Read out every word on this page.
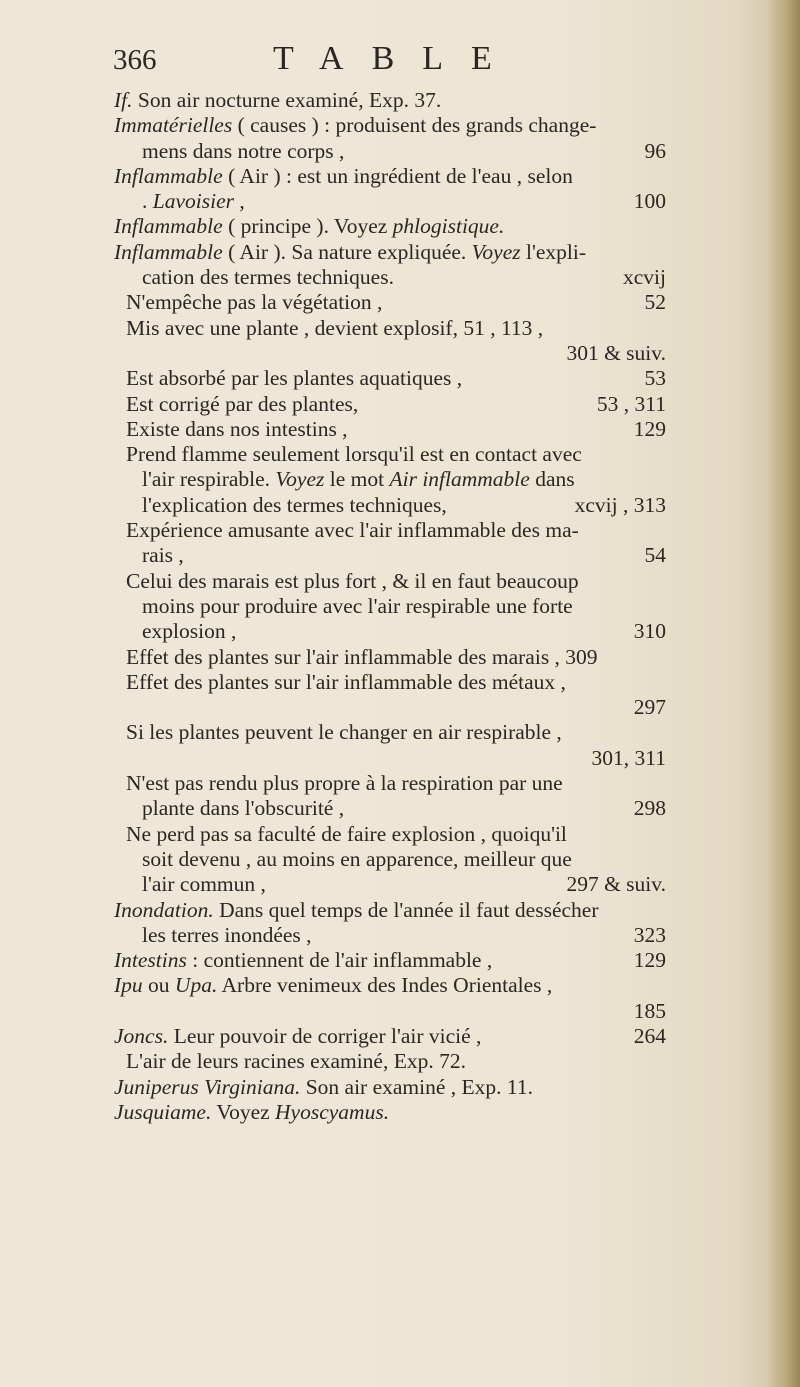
366	TABLE
If. Son air nocturne examiné, Exp. 37.
Immatérielles ( causes ) : produisent des grands change-
mens dans notre corps ,	96
Inflammable ( Air ) : est un ingrédient de l'eau , selon
. Lavoisier ,	100
Inflammable ( principe ). Voyez phlogistique.
Inflammable ( Air ). Sa nature expliquée. Voyez l'expli-
cation des termes techniques.	xcvij
N'empêche pas la végétation ,	52
Mis avec une plante , devient explosif, 51 , 113 ,
301 & suiv.
Est absorbé par les plantes aquatiques ,	53
Est corrigé par des plantes,	53 , 311
Existe dans nos intestins ,	129
Prend flamme seulement lorsqu'il est en contact avec
l'air respirable. Voyez le mot Air inflammable dans
l'explication des termes techniques,	xcvij , 313
Expérience amusante avec l'air inflammable des ma-
rais ,	54
Celui des marais est plus fort , & il en faut beaucoup
moins pour produire avec l'air respirable une forte
explosion ,	310
Effet des plantes sur l'air inflammable des marais , 309
Effet des plantes sur l'air inflammable des métaux ,
297
Si les plantes peuvent le changer en air respirable ,
301, 311
N'est pas rendu plus propre à la respiration par une
plante dans l'obscurité ,	298
Ne perd pas sa faculté de faire explosion , quoiqu'il
soit devenu , au moins en apparence, meilleur que
l'air commun ,	297 & suiv.
Inondation. Dans quel temps de l'année il faut dessécher
les terres inondées ,	323
Intestins : contiennent de l'air inflammable ,	129
Ipu ou Upa. Arbre venimeux des Indes Orientales ,
185
Joncs. Leur pouvoir de corriger l'air vicié ,	264
L'air de leurs racines examiné, Exp. 72.
Juniperus Virginiana. Son air examiné , Exp. 11.
Jusquiame. Voyez Hyoscyamus.
